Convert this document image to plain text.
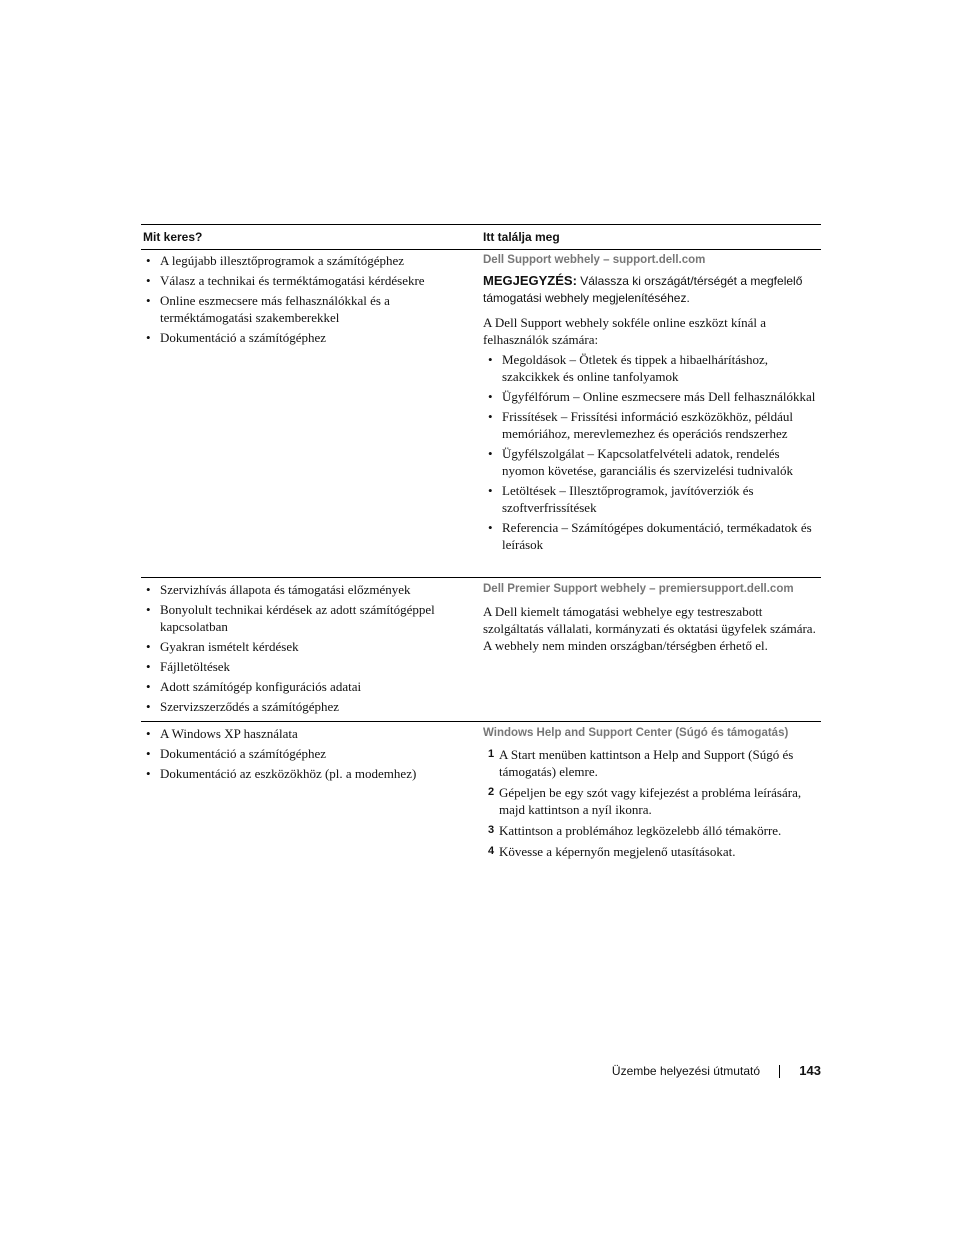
Mit keres?	Itt találja meg
• A legújabb illesztőprogramok a számítógéphez
• Válasz a technikai és terméktámogatási kérdésekre
• Online eszmecsere más felhasználókkal és a terméktámogatási szakemberekkel
• Dokumentáció a számítógéphez
Dell Support webhely – support.dell.com
MEGJEGYZÉS: Válassza ki országát/térségét a megfelelő támogatási webhely megjelenítéséhez.
A Dell Support webhely sokféle online eszközt kínál a felhasználók számára:
• Megoldások – Ötletek és tippek a hibaelhárításhoz, szakcikkek és online tanfolyamok
• Ügyfélfórum – Online eszmecsere más Dell felhasználókkal
• Frissítések – Frissítési információ eszközökhöz, például memóriához, merevlemezhez és operációs rendszerhez
• Ügyfélszolgálat – Kapcsolatfelvételi adatok, rendelés nyomon követése, garanciális és szervizelési tudnivalók
• Letöltések – Illesztőprogramok, javítóverziók és szoftverfrissítések
• Referencia – Számítógépes dokumentáció, termékadatok és leírások
• Szervizhívás állapota és támogatási előzmények
• Bonyolult technikai kérdések az adott számítógéppel kapcsolatban
• Gyakran ismételt kérdések
• Fájlletöltések
• Adott számítógép konfigurációs adatai
• Szervizszerződés a számítógéphez
Dell Premier Support webhely – premiersupport.dell.com
A Dell kiemelt támogatási webhelye egy testreszabott szolgáltatás vállalati, kormányzati és oktatási ügyfelek számára. A webhely nem minden országban/térségben érhető el.
• A Windows XP használata
• Dokumentáció a számítógéphez
• Dokumentáció az eszközökhöz (pl. a modemhez)
Windows Help and Support Center (Súgó és támogatás)
1 A Start menüben kattintson a Help and Support (Súgó és támogatás) elemre.
2 Gépeljen be egy szót vagy kifejezést a probléma leírására, majd kattintson a nyíl ikonra.
3 Kattintson a problémához legközelebb álló témakörre.
4 Kövesse a képernyőn megjelenő utasításokat.
Üzembe helyezési útmutató	143
